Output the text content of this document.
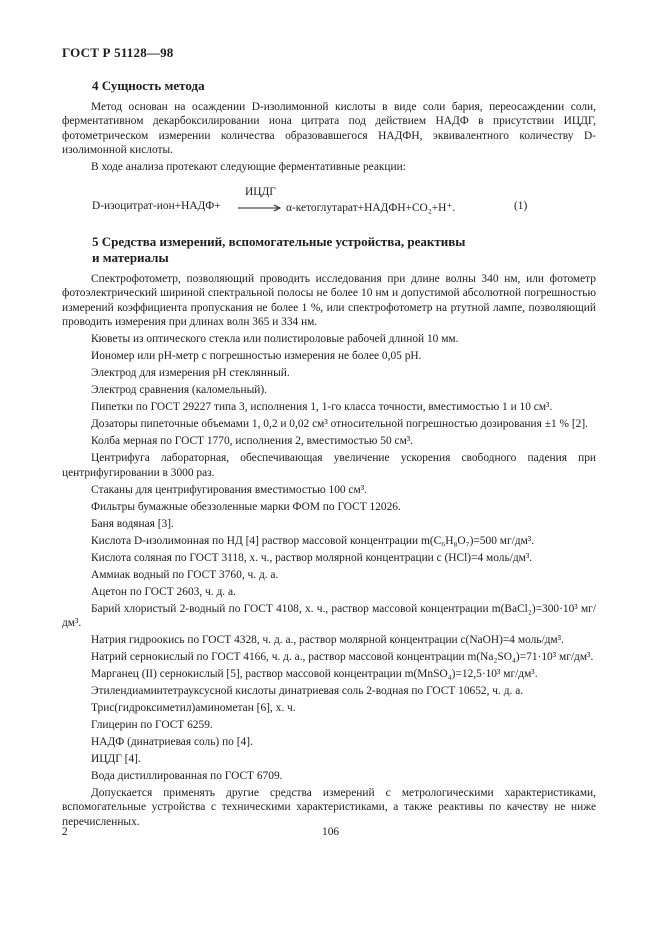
ГОСТ Р 51128—98
4 Сущность метода

Метод основан на осаждении D-изолимонной кислоты в виде соли бария, переосаждении соли, ферментативном декарбоксилировании иона цитрата под действием НАДФ в присутствии ИЦДГ, фотометрическом измерении количества образовавшегося НАДФН, эквивалентного количеству D-изолимонной кислоты.

В ходе анализа протекают следующие ферментативные реакции:

D-изоцитрат-ион+НАДФ+
ИЦДГ
→ α-кетоглутарат+НАДФН+CO₂+H⁺.	(1)
5 Средства измерений, вспомогательные устройства, реактивы
и материалы

Спектрофотометр, позволяющий проводить исследования при длине волны 340 нм, или фотометр фотоэлектрический шириной спектральной полосы не более 10 нм и допустимой абсолютной погрешностью измерений коэффициента пропускания не более 1 %, или спектрофотометр на ртутной лампе, позволяющий проводить измерения при длинах волн 365 и 334 нм.

Кюветы из оптического стекла или полистироловые рабочей длиной 10 мм.

Иономер или pH-метр с погрешностью измерения не более 0,05 pH.

Электрод для измерения pH стеклянный.

Электрод сравнения (каломельный).

Пипетки по ГОСТ 29227 типа 3, исполнения 1, 1-го класса точности, вместимостью 1 и 10 см³.

Дозаторы пипеточные объемами 1, 0,2 и 0,02 см³ относительной погрешностью дозирования ±1 % [2].

Колба мерная по ГОСТ 1770, исполнения 2, вместимостью 50 см³.

Центрифуга лабораторная, обеспечивающая увеличение ускорения свободного падения при центрифугировании в 3000 раз.

Стаканы для центрифугирования вместимостью 100 см³.

Фильтры бумажные обеззоленные марки ФОМ по ГОСТ 12026.

Баня водяная [3].

Кислота D-изолимонная по НД [4] раствор массовой концентрации m(C₆H₈O₇)=500 мг/дм³.

Кислота соляная по ГОСТ 3118, х. ч., раствор молярной концентрации c (HCl)=4 моль/дм³.

Аммиак водный по ГОСТ 3760, ч. д. а.

Ацетон по ГОСТ 2603, ч. д. а.

Барий хлористый 2-водный по ГОСТ 4108, х. ч., раствор массовой концентрации m(BaCl₂)=300·10³ мг/дм³.

Натрия гидроокись по ГОСТ 4328, ч. д. а., раствор молярной концентрации c(NaOH)=4 моль/дм³.

Натрий сернокислый по ГОСТ 4166, ч. д. а., раствор массовой концентрации m(Na₂SO₄)=71·10³ мг/дм³.

Марганец (II) сернокислый [5], раствор массовой концентрации m(MnSO₄)=12,5·10³ мг/дм³.

Этилендиаминтетрауксусной кислоты динатриевая соль 2-водная по ГОСТ 10652, ч. д. а.

Трис(гидроксиметил)аминометан [6], х. ч.

Глицерин по ГОСТ 6259.

НАДФ (динатриевая соль) по [4].

ИЦДГ [4].

Вода дистиллированная по ГОСТ 6709.

Допускается применять другие средства измерений с метрологическими характеристиками, вспомогательные устройства с техническими характеристиками, а также реактивы по качеству не ниже перечисленных.

2	106
